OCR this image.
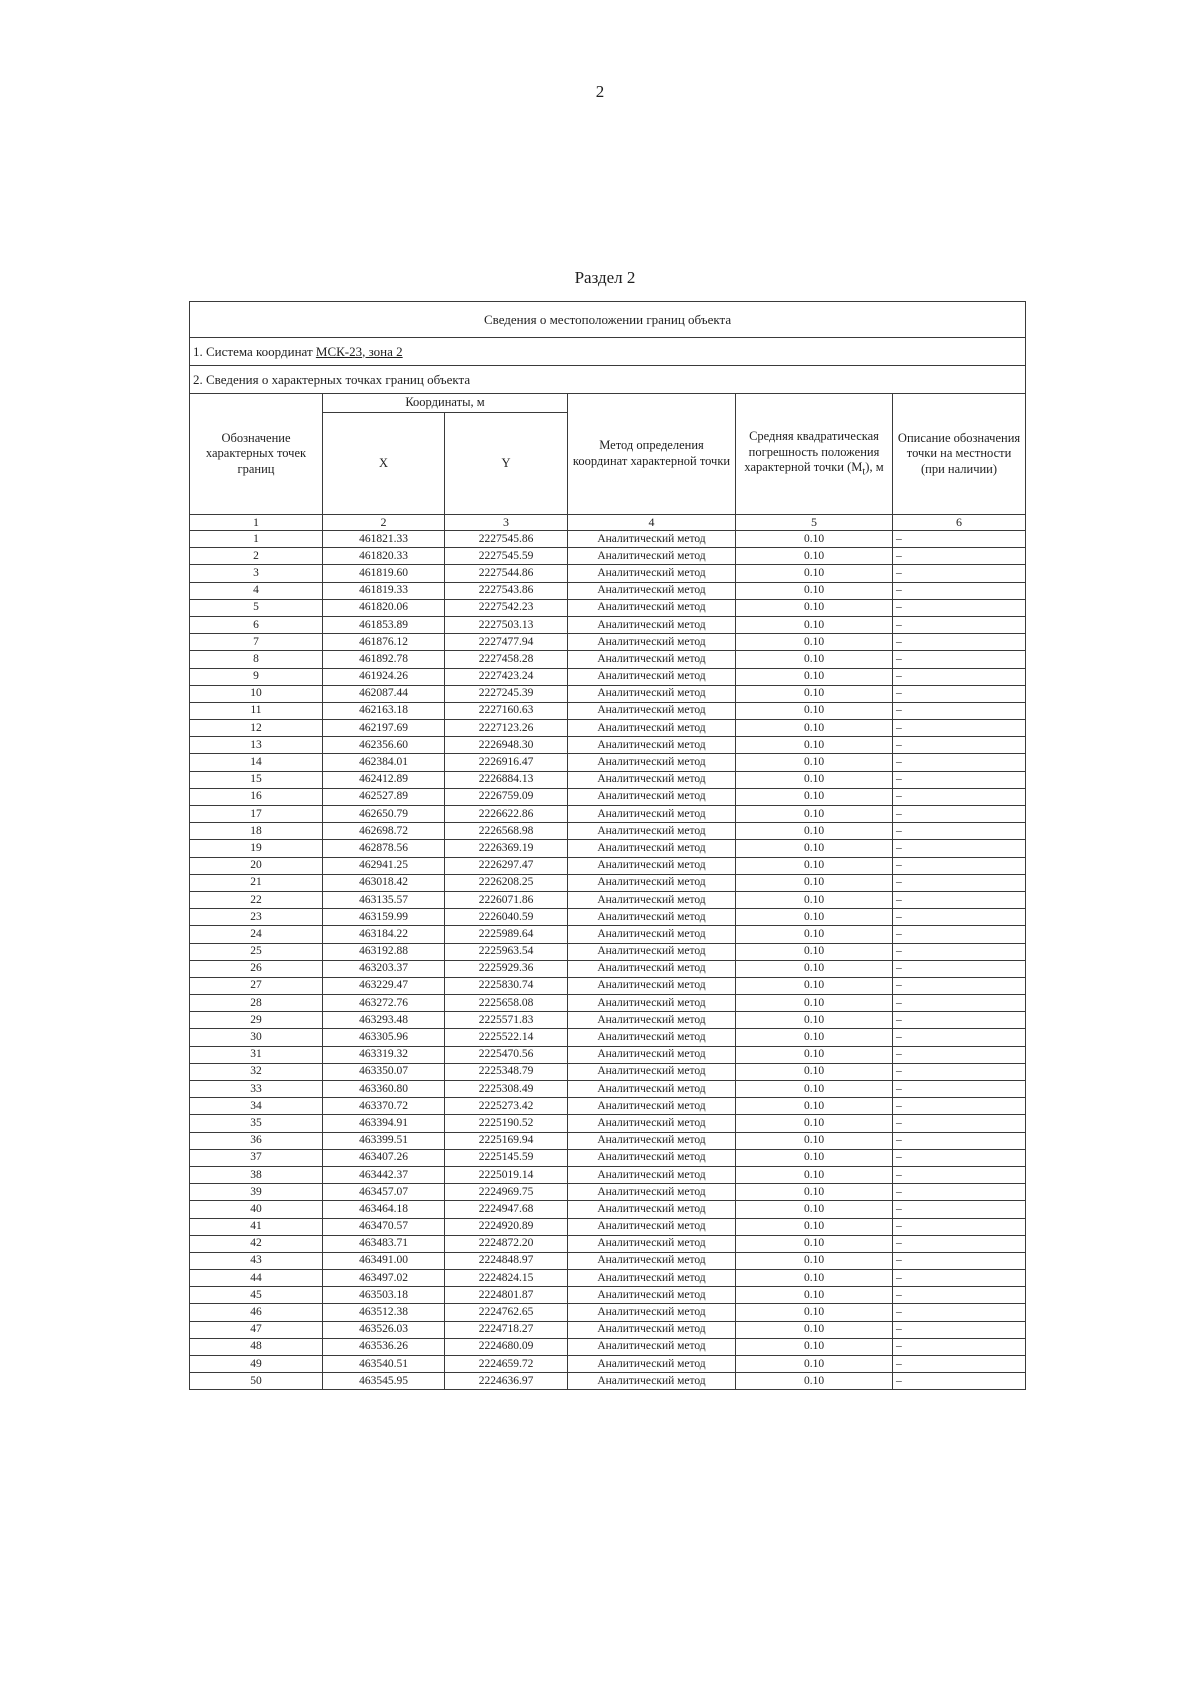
2
Раздел 2
Сведения о местоположении границ объекта					
1. Система координат МСК-23, зона 2					
2. Сведения о характерных точках границ объекта					
Обозначение характерных точек границ	Координаты, м		Метод определения координат характерной точки	Средняя квадратическая погрешность положения характерной точки $(M_t)$, м	Описание обозначения точки на местности (при наличии)
	X	Y			
1	2	3	4	5	6
1	461821.33	2227545.86	Аналитический метод	0.10	–
2	461820.33	2227545.59	Аналитический метод	0.10	–
3	461819.60	2227544.86	Аналитический метод	0.10	–
4	461819.33	2227543.86	Аналитический метод	0.10	–
5	461820.06	2227542.23	Аналитический метод	0.10	–
6	461853.89	2227503.13	Аналитический метод	0.10	–
7	461876.12	2227477.94	Аналитический метод	0.10	–
8	461892.78	2227458.28	Аналитический метод	0.10	–
9	461924.26	2227423.24	Аналитический метод	0.10	–
10	462087.44	2227245.39	Аналитический метод	0.10	–
11	462163.18	2227160.63	Аналитический метод	0.10	–
12	462197.69	2227123.26	Аналитический метод	0.10	–
13	462356.60	2226948.30	Аналитический метод	0.10	–
14	462384.01	2226916.47	Аналитический метод	0.10	–
15	462412.89	2226884.13	Аналитический метод	0.10	–
16	462527.89	2226759.09	Аналитический метод	0.10	–
17	462650.79	2226622.86	Аналитический метод	0.10	–
18	462698.72	2226568.98	Аналитический метод	0.10	–
19	462878.56	2226369.19	Аналитический метод	0.10	–
20	462941.25	2226297.47	Аналитический метод	0.10	–
21	463018.42	2226208.25	Аналитический метод	0.10	–
22	463135.57	2226071.86	Аналитический метод	0.10	–
23	463159.99	2226040.59	Аналитический метод	0.10	–
24	463184.22	2225989.64	Аналитический метод	0.10	–
25	463192.88	2225963.54	Аналитический метод	0.10	–
26	463203.37	2225929.36	Аналитический метод	0.10	–
27	463229.47	2225830.74	Аналитический метод	0.10	–
28	463272.76	2225658.08	Аналитический метод	0.10	–
29	463293.48	2225571.83	Аналитический метод	0.10	–
30	463305.96	2225522.14	Аналитический метод	0.10	–
31	463319.32	2225470.56	Аналитический метод	0.10	–
32	463350.07	2225348.79	Аналитический метод	0.10	–
33	463360.80	2225308.49	Аналитический метод	0.10	–
34	463370.72	2225273.42	Аналитический метод	0.10	–
35	463394.91	2225190.52	Аналитический метод	0.10	–
36	463399.51	2225169.94	Аналитический метод	0.10	–
37	463407.26	2225145.59	Аналитический метод	0.10	–
38	463442.37	2225019.14	Аналитический метод	0.10	–
39	463457.07	2224969.75	Аналитический метод	0.10	–
40	463464.18	2224947.68	Аналитический метод	0.10	–
41	463470.57	2224920.89	Аналитический метод	0.10	–
42	463483.71	2224872.20	Аналитический метод	0.10	–
43	463491.00	2224848.97	Аналитический метод	0.10	–
44	463497.02	2224824.15	Аналитический метод	0.10	–
45	463503.18	2224801.87	Аналитический метод	0.10	–
46	463512.38	2224762.65	Аналитический метод	0.10	–
47	463526.03	2224718.27	Аналитический метод	0.10	–
48	463536.26	2224680.09	Аналитический метод	0.10	–
49	463540.51	2224659.72	Аналитический метод	0.10	–
50	463545.95	2224636.97	Аналитический метод	0.10	–
